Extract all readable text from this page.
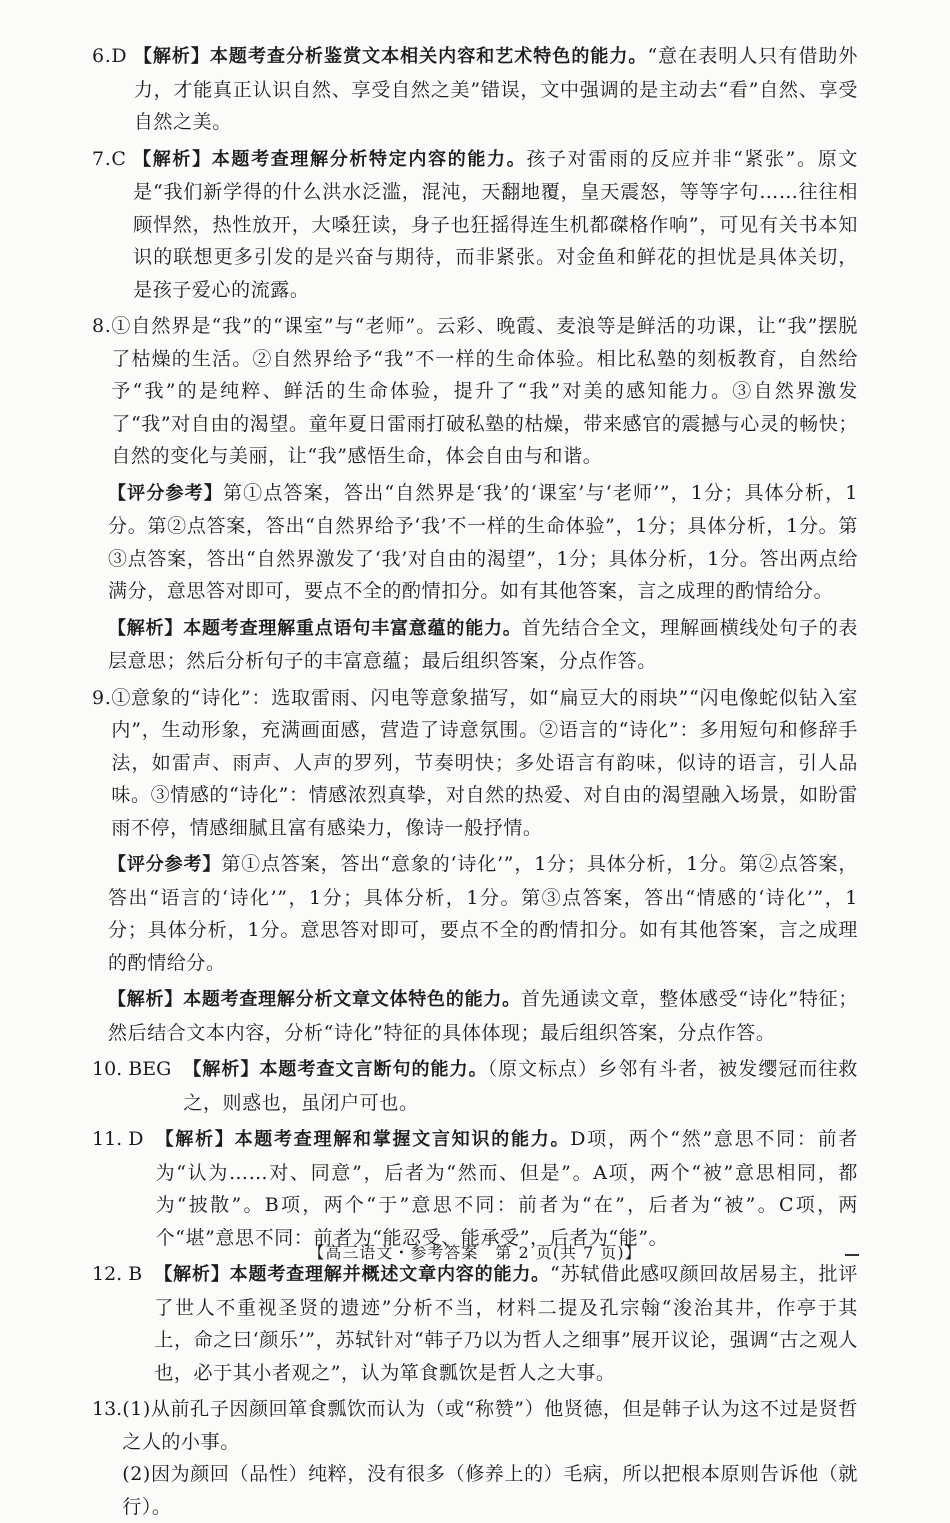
6.D 【解析】本题考查分析鉴赏文本相关内容和艺术特色的能力。“意在表明人只有借助外力，才能真正认识自然、享受自然之美”错误，文中强调的是主动去“看”自然、享受自然之美。
7.C 【解析】本题考查理解分析特定内容的能力。孩子对雷雨的反应并非“紧张”。原文是“我们新学得的什么洪水泛滥，混沌，天翻地覆，皇天震怒，等等字句……往往相顾悍然，热性放开，大嗓狂读，身子也狂摇得连生机都磔格作响”，可见有关书本知识的联想更多引发的是兴奋与期待，而非紧张。对金鱼和鲜花的担忧是具体关切，是孩子爱心的流露。
8. ①自然界是“我”的“课室”与“老师”。云彩、晚霞、麦浪等是鲜活的功课，让“我”摆脱了枯燥的生活。②自然界给予“我”不一样的生命体验。相比私塾的刻板教育，自然给予“我”的是纯粹、鲜活的生命体验，提升了“我”对美的感知能力。③自然界激发了“我”对自由的渴望。童年夏日雷雨打破私塾的枯燥，带来感官的震撼与心灵的畅快；自然的变化与美丽，让“我”感悟生命，体会自由与和谐。
【评分参考】第①点答案，答出“自然界是‘我’的‘课室’与‘老师’”，1分；具体分析，1分。第②点答案，答出“自然界给予‘我’不一样的生命体验”，1分；具体分析，1分。第③点答案，答出“自然界激发了‘我’对自由的渴望”，1分；具体分析，1分。答出两点给满分，意思答对即可，要点不全的酌情扣分。如有其他答案，言之成理的酌情给分。
【解析】本题考查理解重点语句丰富意蕴的能力。首先结合全文，理解画横线处句子的表层意思；然后分析句子的丰富意蕴；最后组织答案，分点作答。
9. ①意象的“诗化”：选取雷雨、闪电等意象描写，如“扁豆大的雨块”“闪电像蛇似钻入室内”，生动形象，充满画面感，营造了诗意氛围。②语言的“诗化”：多用短句和修辞手法，如雷声、雨声、人声的罗列，节奏明快；多处语言有韵味，似诗的语言，引人品味。③情感的“诗化”：情感浓烈真挚，对自然的热爱、对自由的渴望融入场景，如盼雷雨不停，情感细腻且富有感染力，像诗一般抒情。
【评分参考】第①点答案，答出“意象的‘诗化’”，1分；具体分析，1分。第②点答案，答出“语言的‘诗化’”，1分；具体分析，1分。第③点答案，答出“情感的‘诗化’”，1分；具体分析，1分。意思答对即可，要点不全的酌情扣分。如有其他答案，言之成理的酌情给分。
【解析】本题考查理解分析文章文体特色的能力。首先通读文章，整体感受“诗化”特征；然后结合文本内容，分析“诗化”特征的具体体现；最后组织答案，分点作答。
10. BEG 【解析】本题考查文言断句的能力。（原文标点）乡邻有斗者，被发缨冠而往救之，则惑也，虽闭户可也。
11. D 【解析】本题考查理解和掌握文言知识的能力。D项，两个“然”意思不同：前者为“认为……对、同意”，后者为“然而、但是”。A项，两个“被”意思相同，都为“披散”。B项，两个“于”意思不同：前者为“在”，后者为“被”。C项，两个“堪”意思不同：前者为“能忍受、能承受”，后者为“能”。
12. B 【解析】本题考查理解并概述文章内容的能力。“苏轼借此感叹颜回故居易主，批评了世人不重视圣贤的遗迹”分析不当，材料二提及孔宗翰“浚治其井，作亭于其上，命之曰‘颜乐’”，苏轼针对“韩子乃以为哲人之细事”展开议论，强调“古之观人也，必于其小者观之”，认为箪食瓢饮是哲人之大事。
13. (1)从前孔子因颜回箪食瓢饮而认为（或“称赞”）他贤德，但是韩子认为这不过是贤哲之人的小事。
(2)因为颜回（品性）纯粹，没有很多（修养上的）毛病，所以把根本原则告诉他（就行）。
【高三语文・参考答案　第 2 页(共 7 页)】
